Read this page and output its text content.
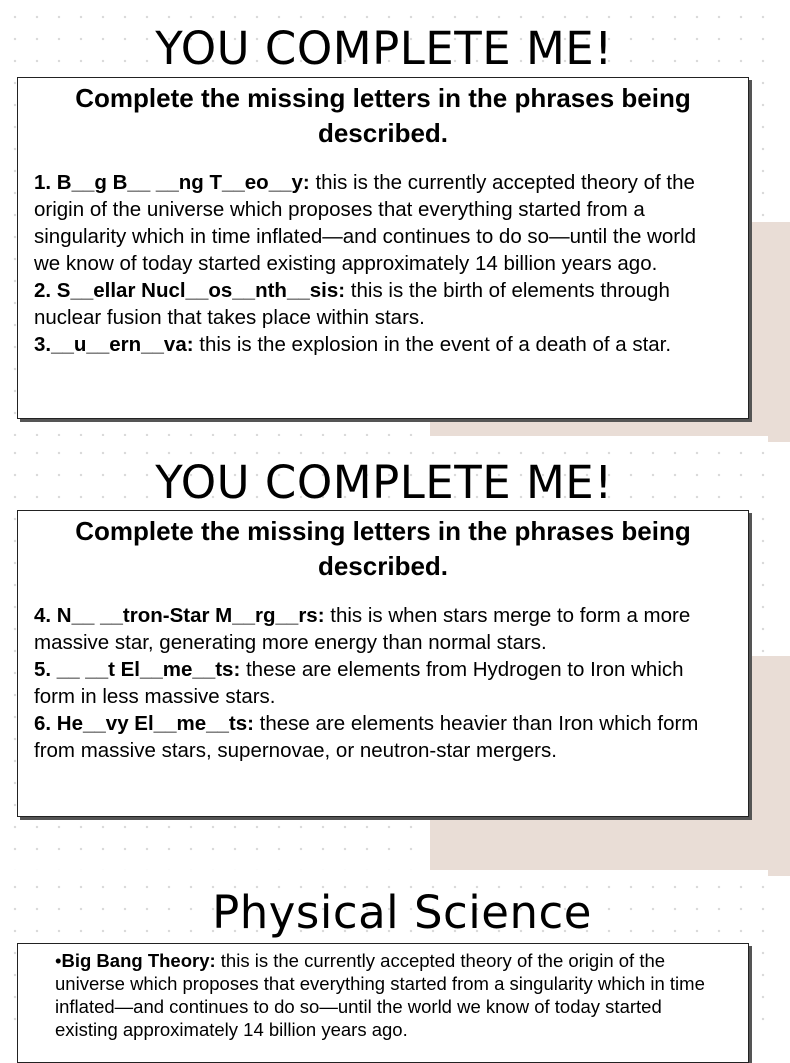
YOU COMPLETE ME!
Complete the missing letters in the phrases being described.

1. B__g B__ __ng T__eo__y: this is the currently accepted theory of the origin of the universe which proposes that everything started from a singularity which in time inflated—and continues to do so—until the world we know of today started existing approximately 14 billion years ago.

2. S__ellar Nucl__os__nth__sis: this is the birth of elements through nuclear fusion that takes place within stars.

3.__u__ern__va: this is the explosion in the event of a death of a star.

YOU COMPLETE ME!
Complete the missing letters in the phrases being described.

4. N__ __tron-Star M__rg__rs: this is when stars merge to form a more massive star, generating more energy than normal stars.

5. __ __t El__me__ts: these are elements from Hydrogen to Iron which form in less massive stars.

6. He__vy El__me__ts: these are elements heavier than Iron which form from massive stars, supernovae, or neutron-star mergers.

Physical Science
•Big Bang Theory: this is the currently accepted theory of the origin of the universe which proposes that everything started from a singularity which in time inflated—and continues to do so—until the world we know of today started existing approximately 14 billion years ago.
